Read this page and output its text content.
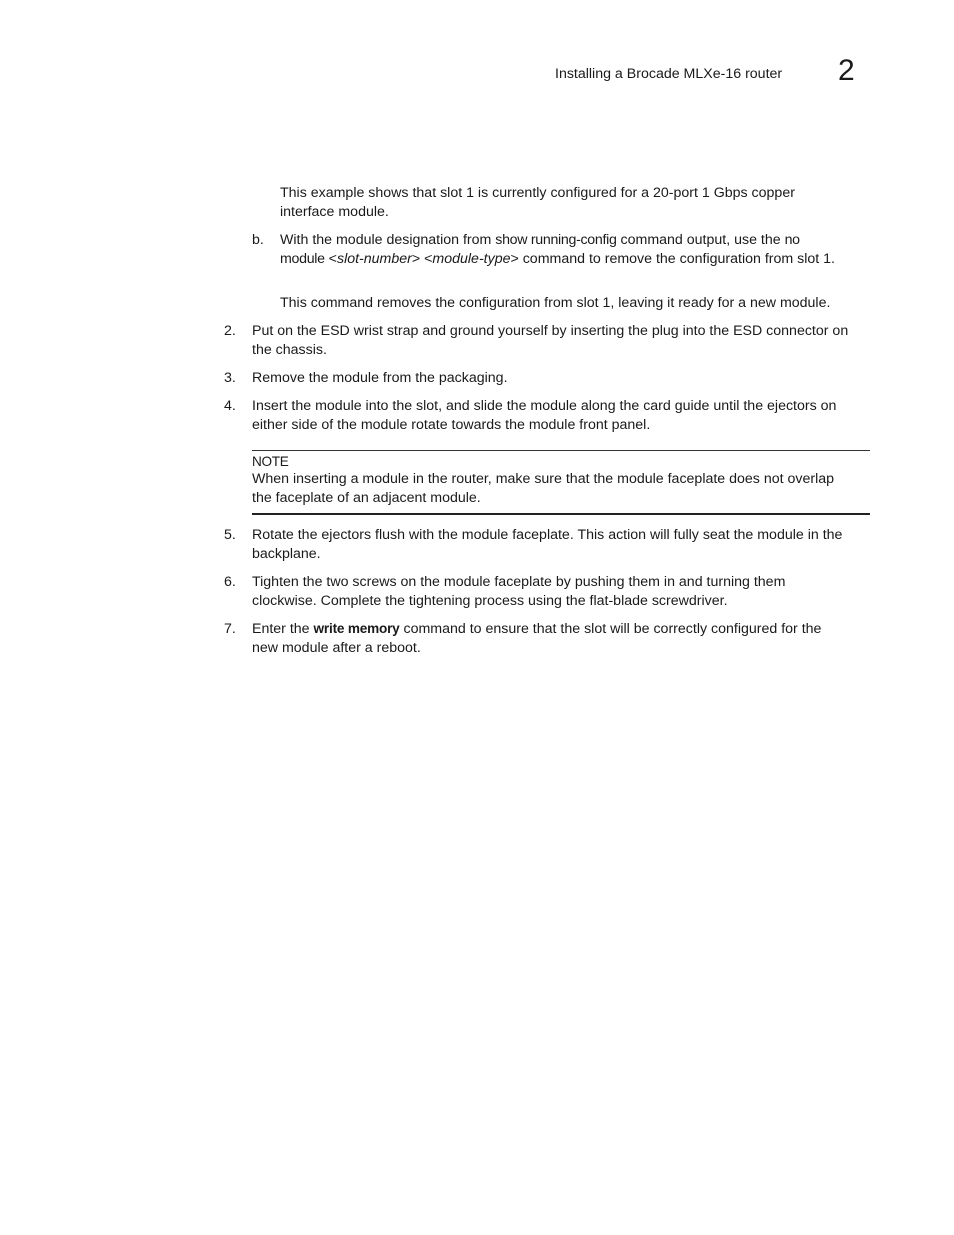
Installing a Brocade MLXe-16 router 2
This example shows that slot 1 is currently configured for a 20-port 1 Gbps copper
interface module.
b. With the module designation from show running-config command output, use the no
module <slot-number> <module-type> command to remove the configuration from slot 1.
This command removes the configuration from slot 1, leaving it ready for a new module.
2. Put on the ESD wrist strap and ground yourself by inserting the plug into the ESD connector on
the chassis.
3. Remove the module from the packaging.
4. Insert the module into the slot, and slide the module along the card guide until the ejectors on
either side of the module rotate towards the module front panel.
NOTE
When inserting a module in the router, make sure that the module faceplate does not overlap
the faceplate of an adjacent module.
5. Rotate the ejectors flush with the module faceplate. This action will fully seat the module in the
backplane.
6. Tighten the two screws on the module faceplate by pushing them in and turning them
clockwise. Complete the tightening process using the flat-blade screwdriver.
7. Enter the write memory command to ensure that the slot will be correctly configured for the
new module after a reboot.
